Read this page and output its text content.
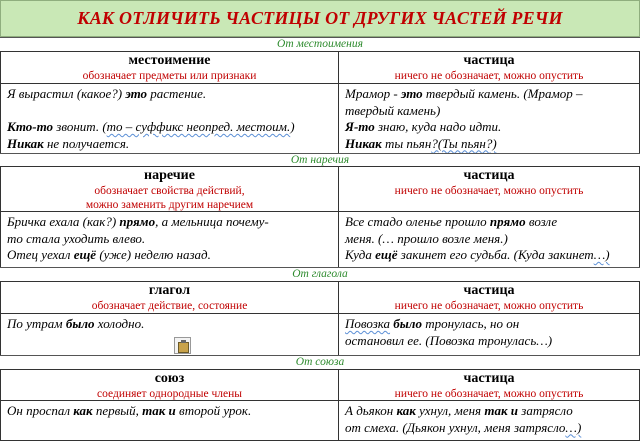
КАК ОТЛИЧИТЬ ЧАСТИЦЫ ОТ ДРУГИХ ЧАСТЕЙ РЕЧИ
От местоимения
местоимение
обозначает предметы или признаки
Я вырастил (какое?) это растение.
Кто-то звонит. (то – суффикс неопред. местоим.)
Никак не получается.
частица
ничего не обозначает, можно опустить
Мрамор - это твердый камень. (Мрамор –
твердый камень)
Я-то знаю, куда надо идти.
Никак ты пьян?(Ты пьян?)
От наречия
наречие
обозначает свойства действий,
можно заменить другим наречием
Бричка ехала (как?) прямо, а мельница почему-
то стала уходить влево.
Отец уехал ещё (уже) неделю назад.
частица
ничего не обозначает, можно опустить
Все стадо оленье прошло прямо возле
меня. (… прошло возле меня.)
Куда ещё закинет его судьба. (Куда закинет…)
От глагола
глагол
обозначает действие, состояние
По утрам было холодно.
частица
ничего не обозначает, можно опустить
Повозка было тронулась, но он
остановил ее. (Повозка тронулась…)
От союза
союз
соединяет однородные члены
Он проспал как первый, так и второй урок.
частица
ничего не обозначает, можно опустить
А дьякон как ухнул, меня так и затрясло
от смеха. (Дьякон ухнул, меня затрясло…)
